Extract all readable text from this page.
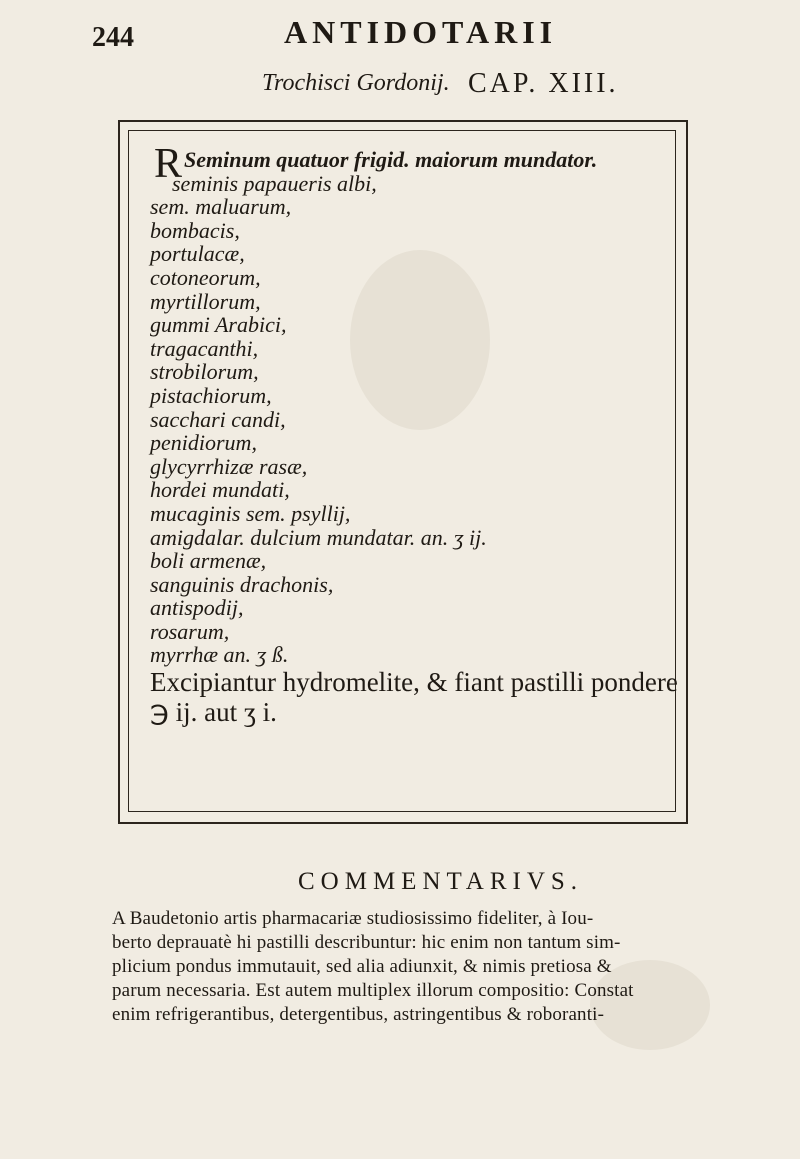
244	ANTIDOTARII
Trochisci Gordonij. CAP. XIII.
R Seminum quatuor frigid. maiorum mundator.
seminis papaueris albi,
sem. maluarum,
bombacis,
portulacæ,
cotoneorum,
myrtillorum,
gummi Arabici,
tragacanthi,
strobilorum,
pistachiorum,
sacchari candi,
penidiorum,
glycyrrhizæ rasæ,
hordei mundati,
mucaginis sem. psyllij,
amigdalar. dulcium mundatar. an. ʒ ij.
boli armenæ,
sanguinis drachonis,
antispodij,
rosarum,
myrrhæ an. ʒ ß.
Excipiantur hydromelite, & fiant pastilli pondere
℈ ij. aut ʒ i.
COMMENTARIVS.
A Baudetonio artis pharmacariæ studiosissimo fideliter, à Iou-
berto deprauatè hi pastilli describuntur: hic enim non tantum sim-
plicium pondus immutauit, sed alia adiunxit, & nimis pretiosa &
parum necessaria. Est autem multiplex illorum compositio: Constat
enim refrigerantibus, detergentibus, astringentibus & roboranti-
